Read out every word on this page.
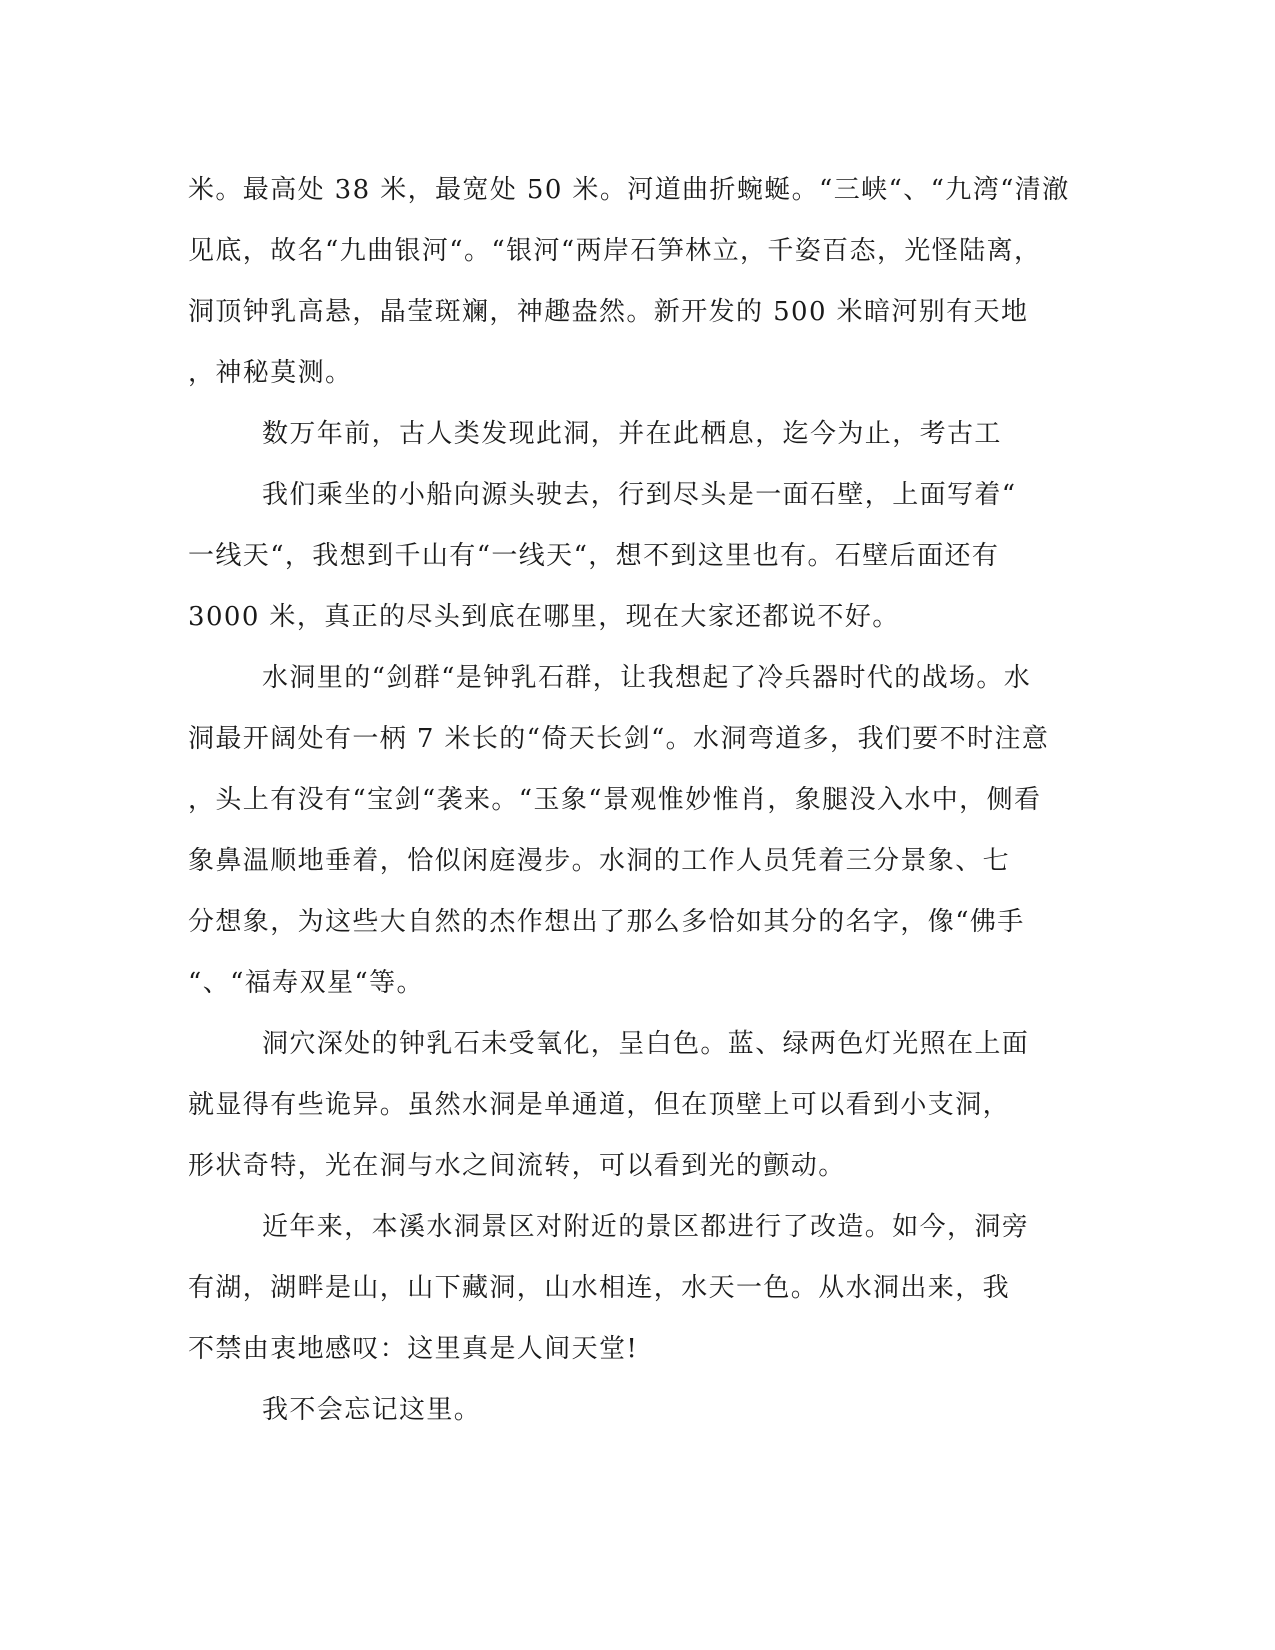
米。最高处 38 米，最宽处 50 米。河道曲折蜿蜒。“三峡“、“九湾“清澈
见底，故名“九曲银河“。“银河“两岸石笋林立，千姿百态，光怪陆离，
洞顶钟乳高悬，晶莹斑斓，神趣盎然。新开发的 500 米暗河别有天地
，神秘莫测。
数万年前，古人类发现此洞，并在此栖息，迄今为止，考古工
我们乘坐的小船向源头驶去，行到尽头是一面石壁，上面写着“
一线天“，我想到千山有“一线天“，想不到这里也有。石壁后面还有
3000 米，真正的尽头到底在哪里，现在大家还都说不好。
水洞里的“剑群“是钟乳石群，让我想起了冷兵器时代的战场。水
洞最开阔处有一柄 7 米长的“倚天长剑“。水洞弯道多，我们要不时注意
，头上有没有“宝剑“袭来。“玉象“景观惟妙惟肖，象腿没入水中，侧看
象鼻温顺地垂着，恰似闲庭漫步。水洞的工作人员凭着三分景象、七
分想象，为这些大自然的杰作想出了那么多恰如其分的名字，像“佛手
“、“福寿双星“等。
洞穴深处的钟乳石未受氧化，呈白色。蓝、绿两色灯光照在上面
就显得有些诡异。虽然水洞是单通道，但在顶壁上可以看到小支洞，
形状奇特，光在洞与水之间流转，可以看到光的颤动。
近年来，本溪水洞景区对附近的景区都进行了改造。如今，洞旁
有湖，湖畔是山，山下藏洞，山水相连，水天一色。从水洞出来，我
不禁由衷地感叹：这里真是人间天堂!
我不会忘记这里。
